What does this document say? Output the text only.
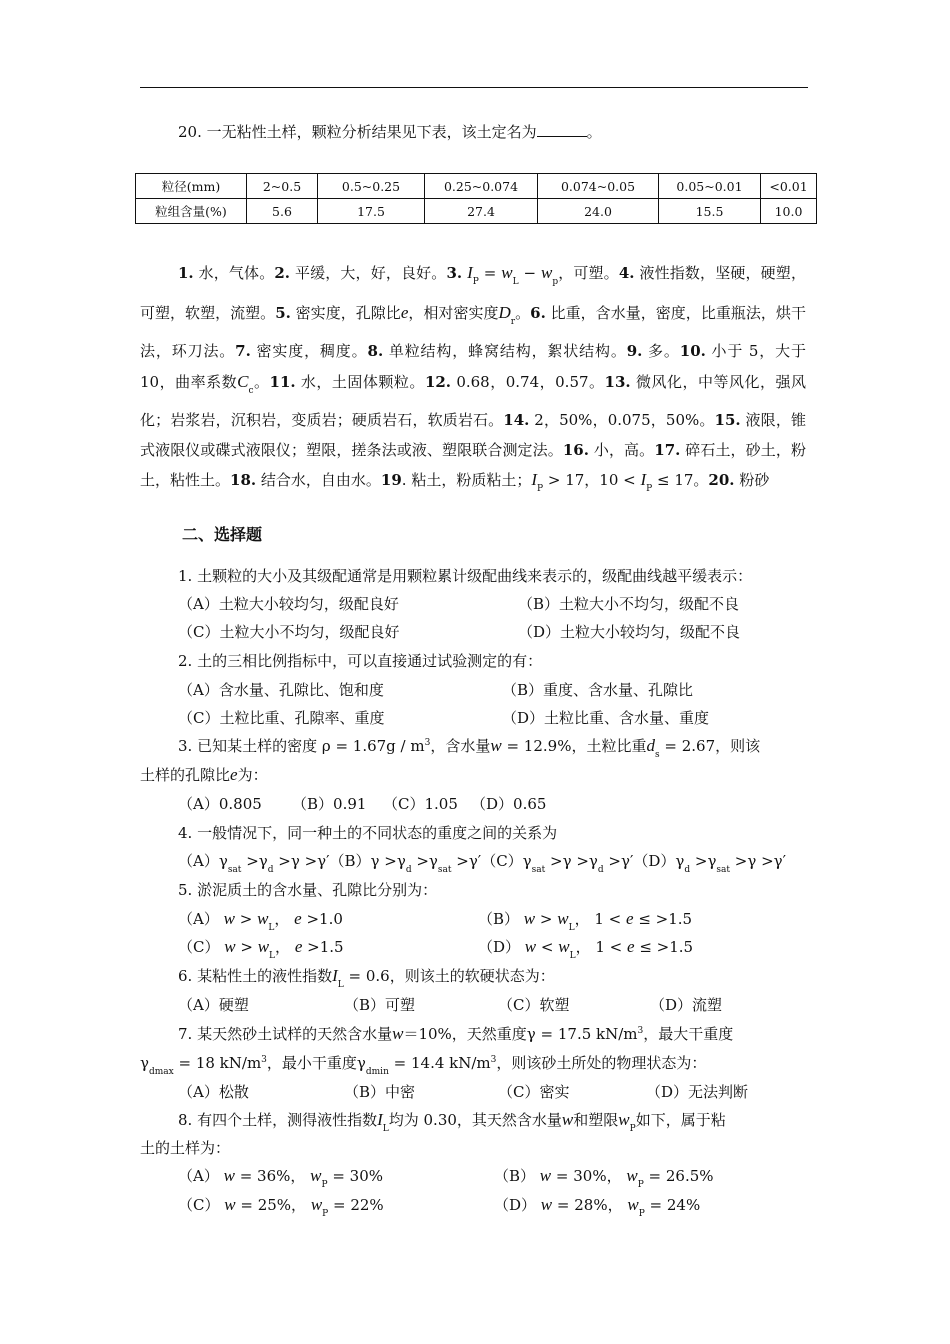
20. 一无粘性土样，颗粒分析结果见下表，该土定名为	。
粒径(mm)	2~0.5	0.5~0.25	0.25~0.074	0.074~0.05	0.05~0.01	<0.01
粒组含量(%)	5.6	17.5	27.4	24.0	15.5	10.0

1. 水，气体。2. 平缓，大，好，良好。3. $I_P = w_L - w_p$，可塑。4. 液性指数，坚硬，硬塑，可塑，软塑，流塑。5. 密实度，孔隙比e，相对密实度$D_r$。6. 比重，含水量，密度，比重瓶法，烘干法，环刀法。7. 密实度，稠度。8. 单粒结构，蜂窝结构，絮状结构。9. 多。10. 小于 5，大于 10，曲率系数$C_c$。11. 水，土固体颗粒。12. 0.68，0.74，0.57。13. 微风化，中等风化，强风化；岩浆岩，沉积岩，变质岩；硬质岩石，软质岩石。14. 2，50%，0.075，50%。15. 液限，锥式液限仪或碟式液限仪；塑限，搓条法或液、塑限联合测定法。16. 小，高。17. 碎石土，砂土，粉土，粘性土。18. 结合水，自由水。19. 粘土，粉质粘土；$I_P > 17$，$10 < I_P \le 17$。20. 粉砂

二、选择题
1. 土颗粒的大小及其级配通常是用颗粒累计级配曲线来表示的，级配曲线越平缓表示：
（A）土粒大小较均匀，级配良好	（B）土粒大小不均匀，级配不良
（C）土粒大小不均匀，级配良好	（D）土粒大小较均匀，级配不良
2. 土的三相比例指标中，可以直接通过试验测定的有：
（A）含水量、孔隙比、饱和度	（B）重度、含水量、孔隙比
（C）土粒比重、孔隙率、重度	（D）土粒比重、含水量、重度
3. 已知某土样的密度 $\rho = 1.67g / m^3$，含水量w = 12.9%，土粒比重$d_s = 2.67$，则该
土样的孔隙比e为：
（A）0.805 （B）0.91 （C）1.05 （D）0.65
4. 一般情况下，同一种土的不同状态的重度之间的关系为
$(A)\gamma_{sat} >\gamma_d >\gamma >\gamma'(B)\gamma >\gamma_d >\gamma_{sat} >\gamma'(C)\gamma_{sat} >\gamma >\gamma_d >\gamma'(D)\gamma_d >\gamma_{sat} >\gamma >\gamma'$
5. 淤泥质土的含水量、孔隙比分别为：
（A） $w > w_L$， e >1.0	（B） $w > w_L$， 1 < e ≤ >1.5
（C） $w > w_L$， e >1.5	（D） $w < w_L$， 1 < e ≤ >1.5
6. 某粘性土的液性指数$I_L = 0.6$，则该土的软硬状态为：
（A）硬塑	（B）可塑	（C）软塑	（D）流塑
7. 某天然砂土试样的天然含水量w＝10%，天然重度γ = 17.5 $kN/m^3$，最大干重度
$\gamma_{dmax} = 18$ $kN/m^3$，最小干重度$\gamma_{dmin} = 14.4$ $kN/m^3$，则该砂土所处的物理状态为：
（A）松散	（B）中密	（C）密实	（D）无法判断
8. 有四个土样，测得液性指数$I_L$均为 0.30，其天然含水量w和塑限$w_P$如下，属于粘
土的土样为：
（A） w = 36%， $w_P = 30\%$	（B） w = 30%， $w_P = 26.5\%$
（C） w = 25%， $w_P = 22\%$	（D） w = 28%， $w_P = 24\%$
